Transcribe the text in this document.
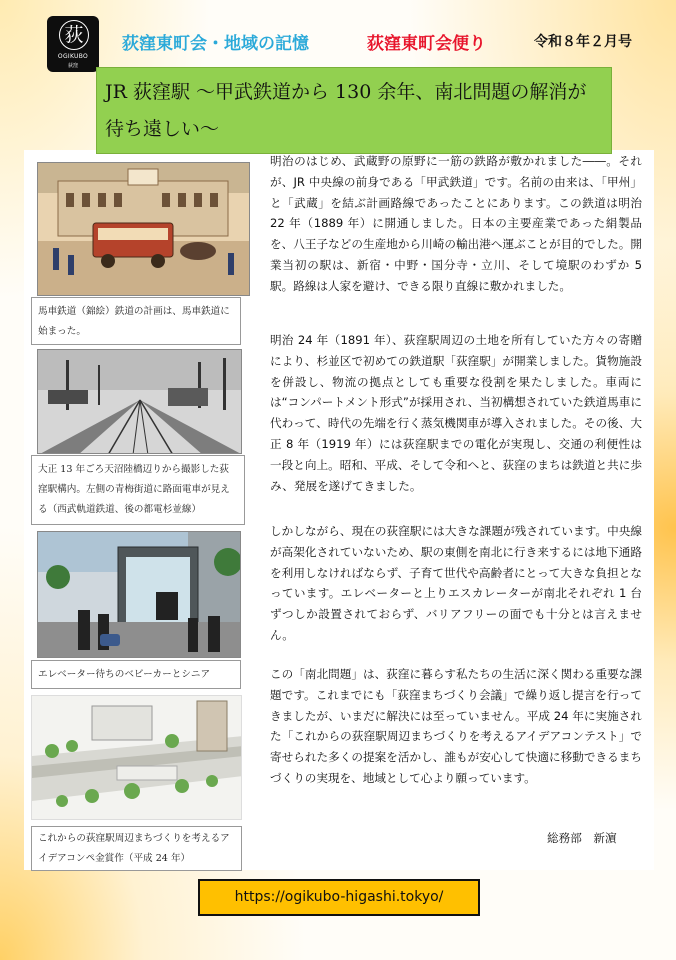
荻
OGIKUBO
荻窪
荻窪東町会・地域の記憶	荻窪東町会便り	令和８年２月号
JR 荻窪駅 〜甲武鉄道から 130 余年、南北問題の解消が待ち遠しい〜
馬車鉄道（錦絵）鉄道の計画は、馬車鉄道に始まった。
大正 13 年ごろ天沼陸橋辺りから撮影した荻窪駅構内。左側の青梅街道に路面電車が見える（西武軌道鉄道、後の都電杉並線）
エレベーター待ちのベビーカーとシニア
これからの荻窪駅周辺まちづくりを考えるアイデアコンペ金賞作（平成 24 年）
明治のはじめ、武蔵野の原野に一筋の鉄路が敷かれました――。それが、JR 中央線の前身である「甲武鉄道」です。名前の由来は、「甲州」と「武蔵」を結ぶ計画路線であったことにあります。この鉄道は明治 22 年（1889 年）に開通しました。日本の主要産業であった絹製品を、八王子などの生産地から川崎の輸出港へ運ぶことが目的でした。開業当初の駅は、新宿・中野・国分寺・立川、そして境駅のわずか 5 駅。路線は人家を避け、できる限り直線に敷かれました。
明治 24 年（1891 年）、荻窪駅周辺の土地を所有していた方々の寄贈により、杉並区で初めての鉄道駅「荻窪駅」が開業しました。貨物施設を併設し、物流の拠点としても重要な役割を果たしました。車両には“コンパートメント形式”が採用され、当初構想されていた鉄道馬車に代わって、時代の先端を行く蒸気機関車が導入されました。その後、大正 8 年（1919 年）には荻窪駅までの電化が実現し、交通の利便性は一段と向上。昭和、平成、そして令和へと、荻窪のまちは鉄道と共に歩み、発展を遂げてきました。
しかしながら、現在の荻窪駅には大きな課題が残されています。中央線が高架化されていないため、駅の東側を南北に行き来するには地下通路を利用しなければならず、子育て世代や高齢者にとって大きな負担となっています。エレベーターと上りエスカレーターが南北それぞれ 1 台ずつしか設置されておらず、バリアフリーの面でも十分とは言えません。
この「南北問題」は、荻窪に暮らす私たちの生活に深く関わる重要な課題です。これまでにも「荻窪まちづくり会議」で繰り返し提言を行ってきましたが、いまだに解決には至っていません。平成 24 年に実施された「これからの荻窪駅周辺まちづくりを考えるアイデアコンテスト」で寄せられた多くの提案を活かし、誰もが安心して快適に移動できるまちづくりの実現を、地域として心より願っています。
総務部　新濵
https://ogikubo-higashi.tokyo/
